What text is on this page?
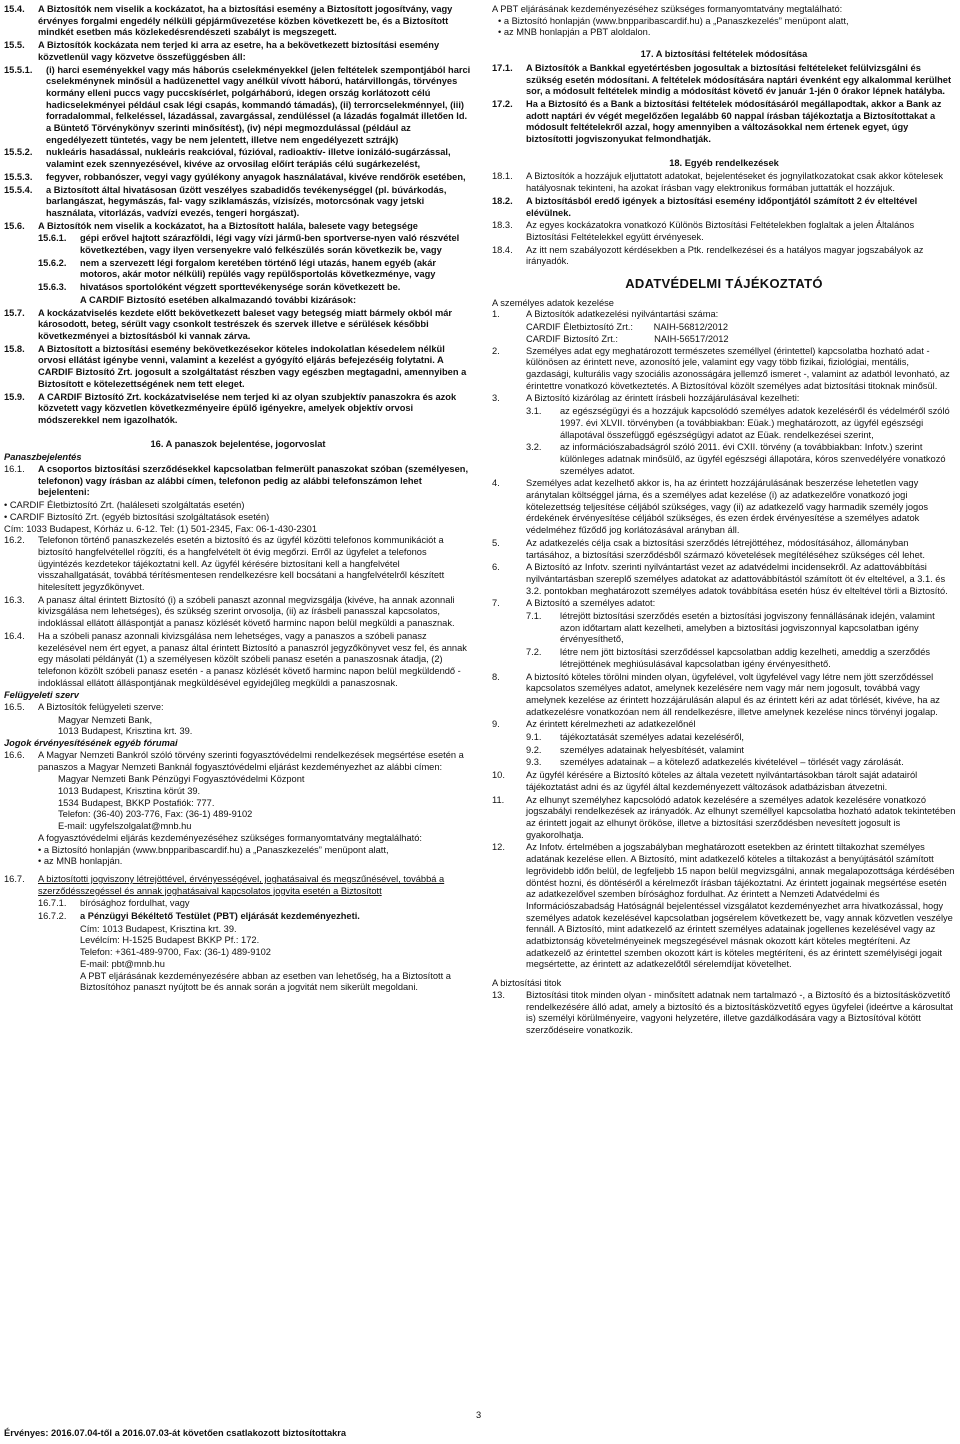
15.4.	A Biztosítók nem viselik a kockázatot, ha a biztosítási esemény a Biztosított jogosítvány, vagy érvényes forgalmi engedély nélküli gépjárművezetése közben következett be, és a Biztosított mindkét esetben más közlekedésrendészeti szabályt is megszegett.
15.5.	A Biztosítók kockázata nem terjed ki arra az esetre, ha a bekövetkezett biztosítási esemény közvetlenül vagy közvetve összefüggésben áll:
15.5.1.	(i) harci eseményekkel vagy más háborús cselekményekkel (jelen feltételek szempontjából harci cselekménynek minősül a hadüzenettel vagy anélkül vívott háború, határvillongás, törvényes kormány elleni puccs vagy puccskísérlet, polgárháború, idegen ország korlátozott célú hadicselekményei például csak légi csapás, kommandó támadás), (ii) terrorcselekménnyel, (iii) forradalommal, felkeléssel, lázadással, zavargással, zendüléssel (a lázadás fogalmát illetően ld. a Büntető Törvénykönyv szerinti minősítést), (iv) népi megmozdulással (például az engedélyezett tüntetés, vagy be nem jelentett, illetve nem engedélyezett sztrájk)
15.5.2.	nukleáris hasadással, nukleáris reakcióval, fúzióval, radioaktív- illetve ionizáló-sugárzással, valamint ezek szennyezésével, kivéve az orvosilag előírt terápiás célú sugárkezelést,
15.5.3.	fegyver, robbanószer, vegyi vagy gyúlékony anyagok használatával, kivéve rendőrök esetében,
15.5.4.	a Biztosított által hivatásosan űzött veszélyes szabadidős tevékenységgel (pl. búvárkodás, barlangászat, hegymászás, fal- vagy sziklamászás, vízisízés, motorcsónak vagy jetski használata, vitorlázás, vadvízi evezés, tengeri horgászat).
15.6.	A Biztosítók nem viselik a kockázatot, ha a Biztosított halála, balesete vagy betegsége
15.6.1.	gépi erővel hajtott szárazföldi, légi vagy vízi jármű-ben sportverse-nyen való részvétel következtében, vagy ilyen versenyekre való felkészülés során következik be, vagy
15.6.2.	nem a szervezett légi forgalom keretében történő légi utazás, hanem egyéb (akár motoros, akár motor nélküli) repülés vagy repülősportolás következménye, vagy
15.6.3.	hivatásos sportolóként végzett sporttevékenysége során következett be.
A CARDIF Biztosító esetében alkalmazandó további kizárások:
15.7.	A kockázatviselés kezdete előtt bekövetkezett baleset vagy betegség miatt bármely okból már károsodott, beteg, sérült vagy csonkolt testrészek és szervek illetve e sérülések későbbi következményei a biztosításból ki vannak zárva.
15.8.	A Biztosított a biztosítási esemény bekövetkezésekor köteles indokolatlan késedelem nélkül orvosi ellátást igénybe venni, valamint a kezelést a gyógyító eljárás befejezéséig folytatni. A CARDIF Biztosító Zrt. jogosult a szolgáltatást részben vagy egészben megtagadni, amennyiben a Biztosított e kötelezettségének nem tett eleget.
15.9.	A CARDIF Biztosító Zrt. kockázatviselése nem terjed ki az olyan szubjektív panaszokra és azok közvetett vagy közvetlen következményeire épülő igényekre, amelyek objektív orvosi módszerekkel nem igazolhatók.
16. A panaszok bejelentése, jogorvoslat
Panaszbejelentés
16.1.	A csoportos biztosítási szerződésekkel kapcsolatban felmerült panaszokat szóban (személyesen, telefonon) vagy írásban az alábbi címen, telefonon pedig az alábbi telefonszámon lehet bejelenteni:
• CARDIF Életbiztosító Zrt. (haláleseti szolgáltatás esetén)
• CARDIF Biztosító Zrt. (egyéb biztosítási szolgáltatások esetén)
Cím: 1033 Budapest, Kórház u. 6-12. Tel: (1) 501-2345, Fax: 06-1-430-2301
16.2.	Telefonon történő panaszkezelés esetén a biztosító és az ügyfél közötti telefonos kommunikációt a biztosító hangfelvétellel rögzíti, és a hangfelvételt öt évig megőrzi. Erről az ügyfelet a telefonos ügyintézés kezdetekor tájékoztatni kell. Az ügyfél kérésére biztosítani kell a hangfelvétel visszahallgatását, továbbá térítésmentesen rendelkezésre kell bocsátani a hangfelvételről készített hitelesített jegyzőkönyvet.
16.3.	A panasz által érintett Biztosító (i) a szóbeli panaszt azonnal megvizsgálja (kivéve, ha annak azonnali kivizsgálása nem lehetséges), és szükség szerint orvosolja, (ii) az írásbeli panasszal kapcsolatos, indoklással ellátott álláspontját a panasz közlését követő harminc napon belül megküldi a panasznak.
16.4.	Ha a szóbeli panasz azonnali kivizsgálása nem lehetséges, vagy a panaszos a szóbeli panasz kezelésével nem ért egyet, a panasz által érintett Biztosító a panaszról jegyzőkönyvet vesz fel, és annak egy másolati példányát (1) a személyesen közölt szóbeli panasz esetén a panaszosnak átadja, (2) telefonon közölt szóbeli panasz esetén - a panasz közlését követő harminc napon belül megküldendő - indoklással ellátott álláspontjának megküldésével egyidejűleg megküldi a panaszosnak.
Felügyeleti szerv
16.5.	A Biztosítók felügyeleti szerve:
Magyar Nemzeti Bank,
1013 Budapest, Krisztina krt. 39.
Jogok érvényesítésének egyéb fórumai
16.6.	A Magyar Nemzeti Bankról szóló törvény szerinti fogyasztóvédelmi rendelkezések megsértése esetén a panaszos a Magyar Nemzeti Banknál fogyasztóvédelmi eljárást kezdeményezhet az alábbi címen:
Magyar Nemzeti Bank Pénzügyi Fogyasztóvédelmi Központ
1013 Budapest, Krisztina körút 39.
1534 Budapest, BKKP Postafiók: 777.
Telefon: (36-40) 203-776, Fax: (36-1) 489-9102
E-mail: ugyfelszolgalat@mnb.hu
A fogyasztóvédelmi eljárás kezdeményezéséhez szükséges formanyomtatvány megtalálható:
• a Biztosító honlapján (www.bnpparibascardif.hu) a „Panaszkezelés” menüpont alatt,
• az MNB honlapján.
16.7.	A biztosítotti jogviszony létrejöttével, érvényességével, joghatásaival és megszűnésével, továbbá a szerződésszegéssel és annak joghatásaival kapcsolatos jogvita esetén a Biztosított
16.7.1.	bírósághoz fordulhat, vagy
16.7.2.	a Pénzügyi Békéltető Testület (PBT) eljárását kezdeményezheti.
Cím: 1013 Budapest, Krisztina krt. 39.
Levélcím: H-1525 Budapest BKKP Pf.: 172.
Telefon: +361-489-9700, Fax: (36-1) 489-9102
E-mail: pbt@mnb.hu
A PBT eljárásának kezdeményezésére abban az esetben van lehetőség, ha a Biztosított a Biztosítóhoz panaszt nyújtott be és annak során a jogvitát nem sikerült megoldani.
A PBT eljárásának kezdeményezéséhez szükséges formanyomtatvány megtalálható:
• a Biztosító honlapján (www.bnpparibascardif.hu) a „Panaszkezelés” menüpont alatt,
• az MNB honlapján a PBT aloldalon.
17. A biztosítási feltételek módosítása
17.1.	A Biztosítók a Bankkal egyetértésben jogosultak a biztosítási feltételeket felülvizsgálni és szükség esetén módosítani. A feltételek módosítására naptári évenként egy alkalommal kerülhet sor, a módosult feltételek mindig a módosítást követő év január 1-jén 0 órakor lépnek hatályba.
17.2.	Ha a Biztosító és a Bank a biztosítási feltételek módosításáról megállapodtak, akkor a Bank az adott naptári év végét megelőzően legalább 60 nappal írásban tájékoztatja a Biztosítottakat a módosult feltételekről azzal, hogy amennyiben a változásokkal nem értenek egyet, úgy biztosítotti jogviszonyukat felmondhatják.
18. Egyéb rendelkezések
18.1.	A Biztosítók a hozzájuk eljuttatott adatokat, bejelentéseket és jognyilatkozatokat csak akkor kötelesek hatályosnak tekinteni, ha azokat írásban vagy elektronikus formában juttatták el hozzájuk.
18.2.	A biztosításból eredő igények a biztosítási esemény időpontjától számított 2 év elteltével elévülnek.
18.3.	Az egyes kockázatokra vonatkozó Különös Biztosítási Feltételekben foglaltak a jelen Általános Biztosítási Feltételekkel együtt érvényesek.
18.4.	Az itt nem szabályozott kérdésekben a Ptk. rendelkezései és a hatályos magyar jogszabályok az irányadók.
ADATVÉDELMI TÁJÉKOZTATÓ
A személyes adatok kezelése
1.	A Biztosítók adatkezelési nyilvántartási száma:
CARDIF Életbiztosító Zrt.:        NAIH-56812/2012
CARDIF Biztosító Zrt.:              NAIH-56517/2012
2.	Személyes adat egy meghatározott természetes személlyel (érintettel) kapcsolatba hozható adat - különösen az érintett neve, azonosító jele, valamint egy vagy több fizikai, fiziológiai, mentális, gazdasági, kulturális vagy szociális azonosságára jellemző ismeret -, valamint az adatból levonható, az érintettre vonatkozó következtetés. A Biztosítóval közölt személyes adat biztosítási titoknak minősül.
3.	A Biztosító kizárólag az érintett írásbeli hozzájárulásával kezelheti:
3.1.	az egészségügyi és a hozzájuk kapcsolódó személyes adatok kezeléséről és védelméről szóló 1997. évi XLVII. törvényben (a továbbiakban: Eüak.) meghatározott, az ügyfél egészségi állapotával összefüggő egészségügyi adatot az Eüak. rendelkezései szerint,
3.2.	az információszabadságról szóló 2011. évi CXII. törvény (a továbbiakban: Infotv.) szerint különleges adatnak minősülő, az ügyfél egészségi állapotára, kóros szenvedélyére vonatkozó személyes adatot.
4.	Személyes adat kezelhető akkor is, ha az érintett hozzájárulásának beszerzése lehetetlen vagy aránytalan költséggel járna, és a személyes adat kezelése (i) az adatkezelőre vonatkozó jogi kötelezettség teljesítése céljából szükséges, vagy (ii) az adatkezelő vagy harmadik személy jogos érdekének érvényesítése céljából szükséges, és ezen érdek érvényesítése a személyes adatok védelméhez fűződő jog korlátozásával arányban áll.
5.	Az adatkezelés célja csak a biztosítási szerződés létrejöttéhez, módosításához, állományban tartásához, a biztosítási szerződésből származó követelések megítéléséhez szükséges cél lehet.
6.	A Biztosító az Infotv. szerinti nyilvántartást vezet az adatvédelmi incidensekről. Az adattovábbítási nyilvántartásban szereplő személyes adatokat az adattovábbítástól számított öt év elteltével, a 3.1. és 3.2. pontokban meghatározott személyes adatok továbbítása esetén húsz év elteltével törli a Biztosító.
7.	A Biztosító a személyes adatot:
7.1.	létrejött biztosítási szerződés esetén a biztosítási jogviszony fennállásának idején, valamint azon időtartam alatt kezelheti, amelyben a biztosítási jogviszonnyal kapcsolatban igény érvényesíthető,
7.2.	létre nem jött biztosítási szerződéssel kapcsolatban addig kezelheti, ameddig a szerződés létrejöttének meghiúsulásával kapcsolatban igény érvényesíthető.
8.	A biztosító köteles törölni minden olyan, ügyfelével, volt ügyfelével vagy létre nem jött szerződéssel kapcsolatos személyes adatot, amelynek kezelésére nem vagy már nem jogosult, továbbá vagy amelynek kezelése az érintett hozzájárulásán alapul és az érintett kéri az adat törlését, kivéve, ha az adatkezelésre vonatkozóan nem áll rendelkezésre, illetve amelynek kezelése nincs törvényi jogalap.
9.	Az érintett kérelmezheti az adatkezelőnél
9.1.	tájékoztatását személyes adatai kezeléséről,
9.2.	személyes adatainak helyesbítését, valamint
9.3.	személyes adatainak – a kötelező adatkezelés kivételével – törlését vagy zárolását.
10.	Az ügyfél kérésére a Biztosító köteles az általa vezetett nyilvántartásokban tárolt saját adatairól tájékoztatást adni és az ügyfél által kezdeményezett változások adatbázisban átvezetni.
11.	Az elhunyt személyhez kapcsolódó adatok kezelésére a személyes adatok kezelésére vonatkozó jogszabályi rendelkezések az irányadók. Az elhunyt személlyel kapcsolatba hozható adatok tekintetében az érintett jogait az elhunyt örököse, illetve a biztosítási szerződésben nevesített jogosult is gyakorolhatja.
12.	Az Infotv. értelmében a jogszabályban meghatározott esetekben az érintett tiltakozhat személyes adatának kezelése ellen. A Biztosító, mint adatkezelő köteles a tiltakozást a benyújtásától számított legrövidebb időn belül, de legfeljebb 15 napon belül megvizsgálni, annak megalapozottsága kérdésében döntést hozni, és döntéséről a kérelmezőt írásban tájékoztatni. Az érintett jogainak megsértése esetén az adatkezelővel szemben bírósághoz fordulhat. Az érintett a Nemzeti Adatvédelmi és Információszabadság Hatóságnál bejelentéssel vizsgálatot kezdeményezhet arra hivatkozással, hogy személyes adatok kezelésével kapcsolatban jogsérelem következett be, vagy annak közvetlen veszélye fennáll. A Biztosító, mint adatkezelő az érintett személyes adatainak jogellenes kezelésével vagy az adatbiztonság követelményeinek megszegésével másnak okozott kárt köteles megtéríteni. Az adatkezelő az érintettel szemben okozott kárt is köteles megtéríteni, és az érintett személyiségi jogait megsértette, az érintett az adatkezelőtől sérelemdíjat követelhet.
A biztosítási titok
13.	Biztosítási titok minden olyan - minősített adatnak nem tartalmazó -, a Biztosító és a biztosításközvetítő rendelkezésére álló adat, amely a biztosító és a biztosításközvetítő egyes ügyfelei (ideértve a károsultat is) személyi körülményeire, vagyoni helyzetére, illetve gazdálkodására vagy a Biztosítóval kötött szerződéseire vonatkozik.
3
Érvényes: 2016.07.04-től a 2016.07.03-át követően csatlakozott biztosítottakra
